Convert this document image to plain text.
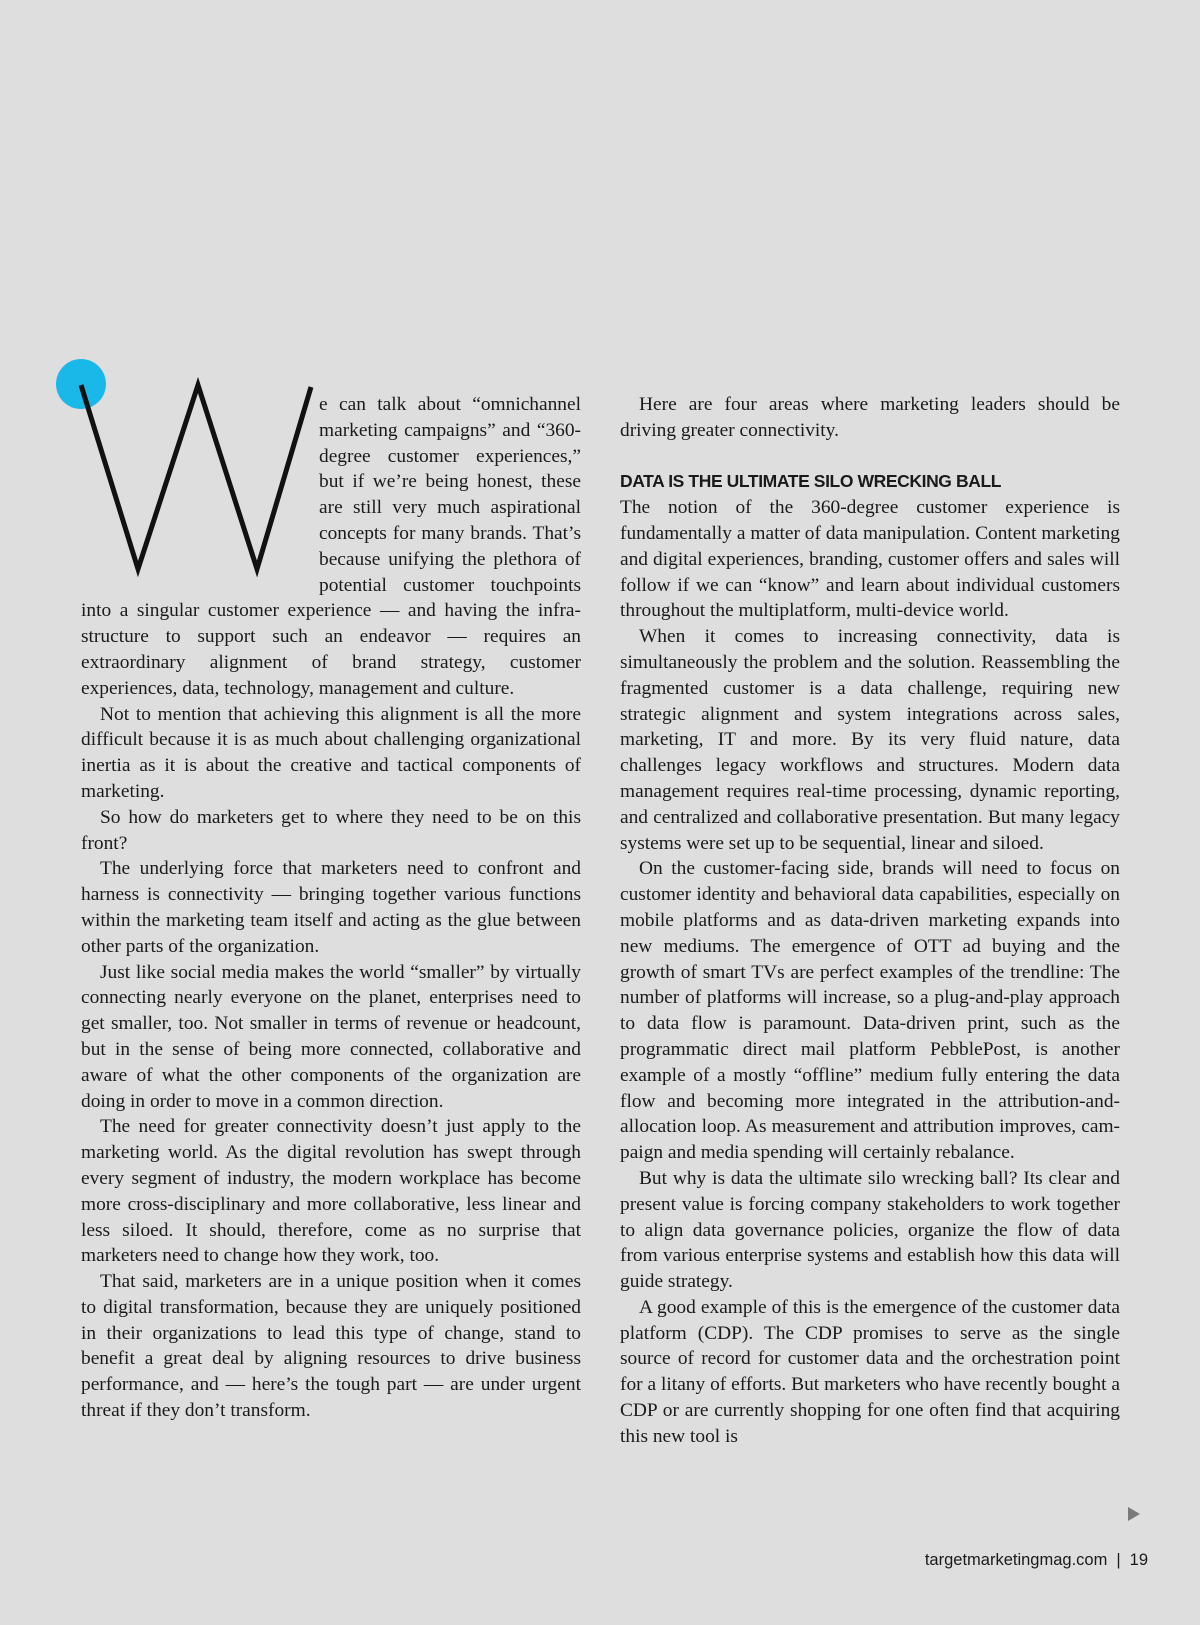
e can talk about “omnichannel marketing campaigns” and “360-degree customer experiences,” but if we’re being honest, these are still very much aspirational concepts for many brands. That’s because unifying the plethora of potential customer touchpoints into a singular customer experience — and having the infrastructure to support such an endeavor — requires an extraordinary alignment of brand strategy, customer experiences, data, technology, management and culture.

Not to mention that achieving this alignment is all the more difficult because it is as much about challenging organizational inertia as it is about the creative and tactical components of marketing.

So how do marketers get to where they need to be on this front?

The underlying force that marketers need to confront and harness is connectivity — bringing together various functions within the marketing team itself and acting as the glue between other parts of the organization.

Just like social media makes the world “smaller” by virtually connecting nearly everyone on the planet, enterprises need to get smaller, too. Not smaller in terms of revenue or headcount, but in the sense of being more connected, collaborative and aware of what the other components of the organization are doing in order to move in a common direction.

The need for greater connectivity doesn’t just apply to the marketing world. As the digital revolution has swept through every segment of industry, the modern workplace has become more cross-disciplinary and more collaborative, less linear and less siloed. It should, therefore, come as no surprise that marketers need to change how they work, too.

That said, marketers are in a unique position when it comes to digital transformation, because they are uniquely positioned in their organizations to lead this type of change, stand to benefit a great deal by aligning resources to drive business performance, and — here’s the tough part — are under urgent threat if they don’t transform.

Here are four areas where marketing leaders should be driving greater connectivity.

DATA IS THE ULTIMATE SILO WRECKING BALL

The notion of the 360-degree customer experience is fundamentally a matter of data manipulation. Content marketing and digital experiences, branding, customer offers and sales will follow if we can “know” and learn about individual customers throughout the multiplatform, multi-device world.

When it comes to increasing connectivity, data is simultaneously the problem and the solution. Reassembling the fragmented customer is a data challenge, requiring new strategic alignment and system integrations across sales, marketing, IT and more. By its very fluid nature, data challenges legacy workflows and structures. Modern data management requires real-time processing, dynamic reporting, and centralized and collaborative presentation. But many legacy systems were set up to be sequential, linear and siloed.

On the customer-facing side, brands will need to focus on customer identity and behavioral data capabilities, especially on mobile platforms and as data-driven marketing expands into new mediums. The emergence of OTT ad buying and the growth of smart TVs are perfect examples of the trendline: The number of platforms will increase, so a plug-and-play approach to data flow is paramount. Data-driven print, such as the programmatic direct mail platform PebblePost, is another example of a mostly “offline” medium fully entering the data flow and becoming more integrated in the attribution-and-allocation loop. As measurement and attribution improves, campaign and media spending will certainly rebalance.

But why is data the ultimate silo wrecking ball? Its clear and present value is forcing company stakeholders to work together to align data governance policies, organize the flow of data from various enterprise systems and establish how this data will guide strategy.

A good example of this is the emergence of the customer data platform (CDP). The CDP promises to serve as the single source of record for customer data and the orchestration point for a litany of efforts. But marketers who have recently bought a CDP or are currently shopping for one often find that acquiring this new tool is

targetmarketingmag.com | 19
